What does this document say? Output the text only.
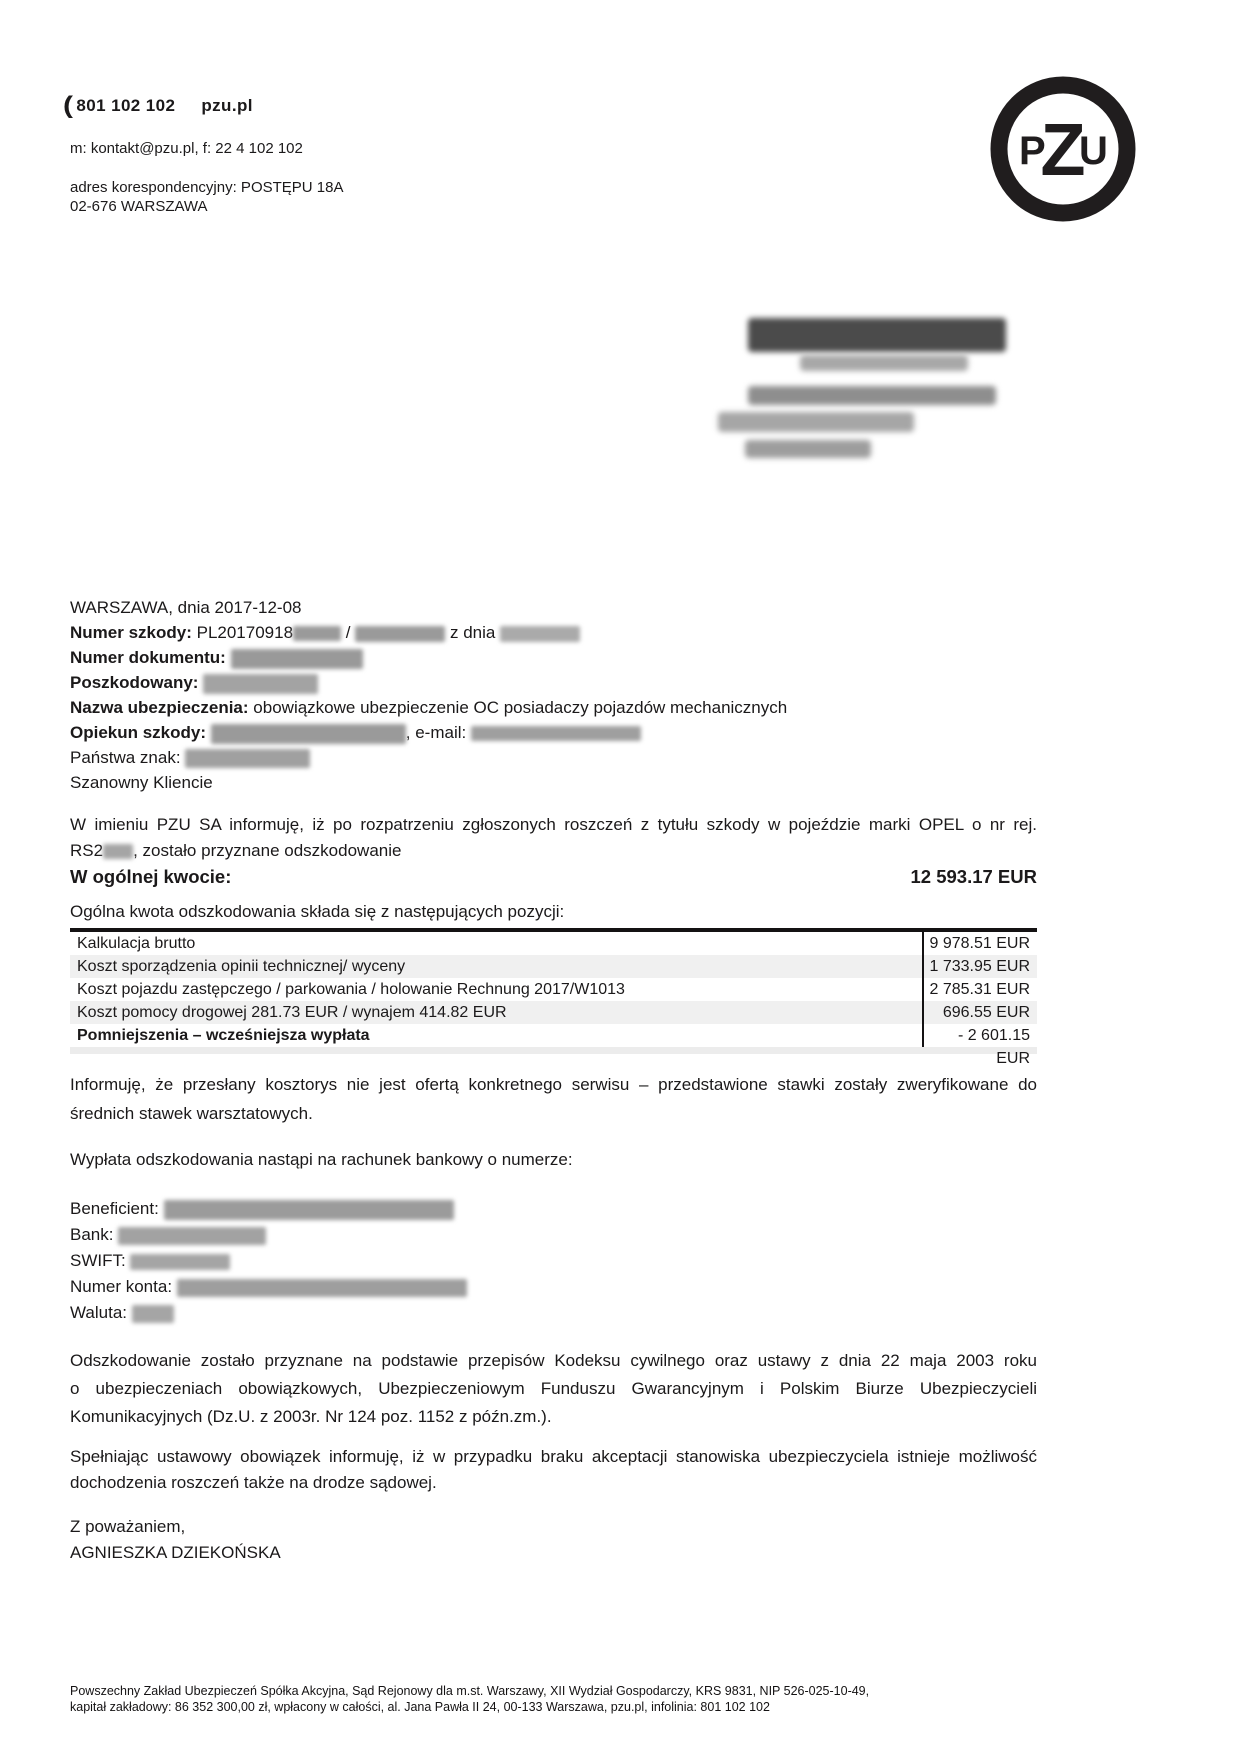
( 801 102 102 pzu.pl
m: kontakt@pzu.pl, f: 22 4 102 102
adres korespondencyjny: POSTĘPU 18A
02-676 WARSZAWA
P
Z
U
WARSZAWA, dnia 2017-12-08
Numer szkody: PL20170918	/	z dnia
Numer dokumentu:
Poszkodowany:
Nazwa ubezpieczenia: obowiązkowe ubezpieczenie OC posiadaczy pojazdów mechanicznych
Opiekun szkody:	, e-mail:
Państwa znak:
Szanowny Kliencie
W imieniu PZU SA informuję, iż po rozpatrzeniu zgłoszonych roszczeń z tytułu szkody w pojeździe marki OPEL o nr rej.
RS2 , zostało przyznane odszkodowanie
W ogólnej kwocie:	12 593.17 EUR
Ogólna kwota odszkodowania składa się z następujących pozycji:
Kalkulacja brutto	9 978.51 EUR
Koszt sporządzenia opinii technicznej/ wyceny	1 733.95 EUR
Koszt pojazdu zastępczego / parkowania / holowanie Rechnung 2017/W1013	2 785.31 EUR
Koszt pomocy drogowej 281.73 EUR / wynajem 414.82 EUR	696.55 EUR
Pomniejszenia – wcześniejsza wypłata	- 2 601.15 EUR
Informuję, że przesłany kosztorys nie jest ofertą konkretnego serwisu – przedstawione stawki zostały zweryfikowane do
średnich stawek warsztatowych.
Wypłata odszkodowania nastąpi na rachunek bankowy o numerze:
Beneficient:
Bank:
SWIFT:
Numer konta:
Waluta:
Odszkodowanie zostało przyznane na podstawie przepisów Kodeksu cywilnego oraz ustawy z dnia 22 maja 2003 roku
o ubezpieczeniach obowiązkowych, Ubezpieczeniowym Funduszu Gwarancyjnym i Polskim Biurze Ubezpieczycieli
Komunikacyjnych (Dz.U. z 2003r. Nr 124 poz. 1152 z późn.zm.).
Spełniając ustawowy obowiązek informuję, iż w przypadku braku akceptacji stanowiska ubezpieczyciela istnieje możliwość
dochodzenia roszczeń także na drodze sądowej.
Z poważaniem,
AGNIESZKA DZIEKOŃSKA
Powszechny Zakład Ubezpieczeń Spółka Akcyjna, Sąd Rejonowy dla m.st. Warszawy, XII Wydział Gospodarczy, KRS 9831, NIP 526-025-10-49,
kapitał zakładowy: 86 352 300,00 zł, wpłacony w całości, al. Jana Pawła II 24, 00-133 Warszawa, pzu.pl, infolinia: 801 102 102
